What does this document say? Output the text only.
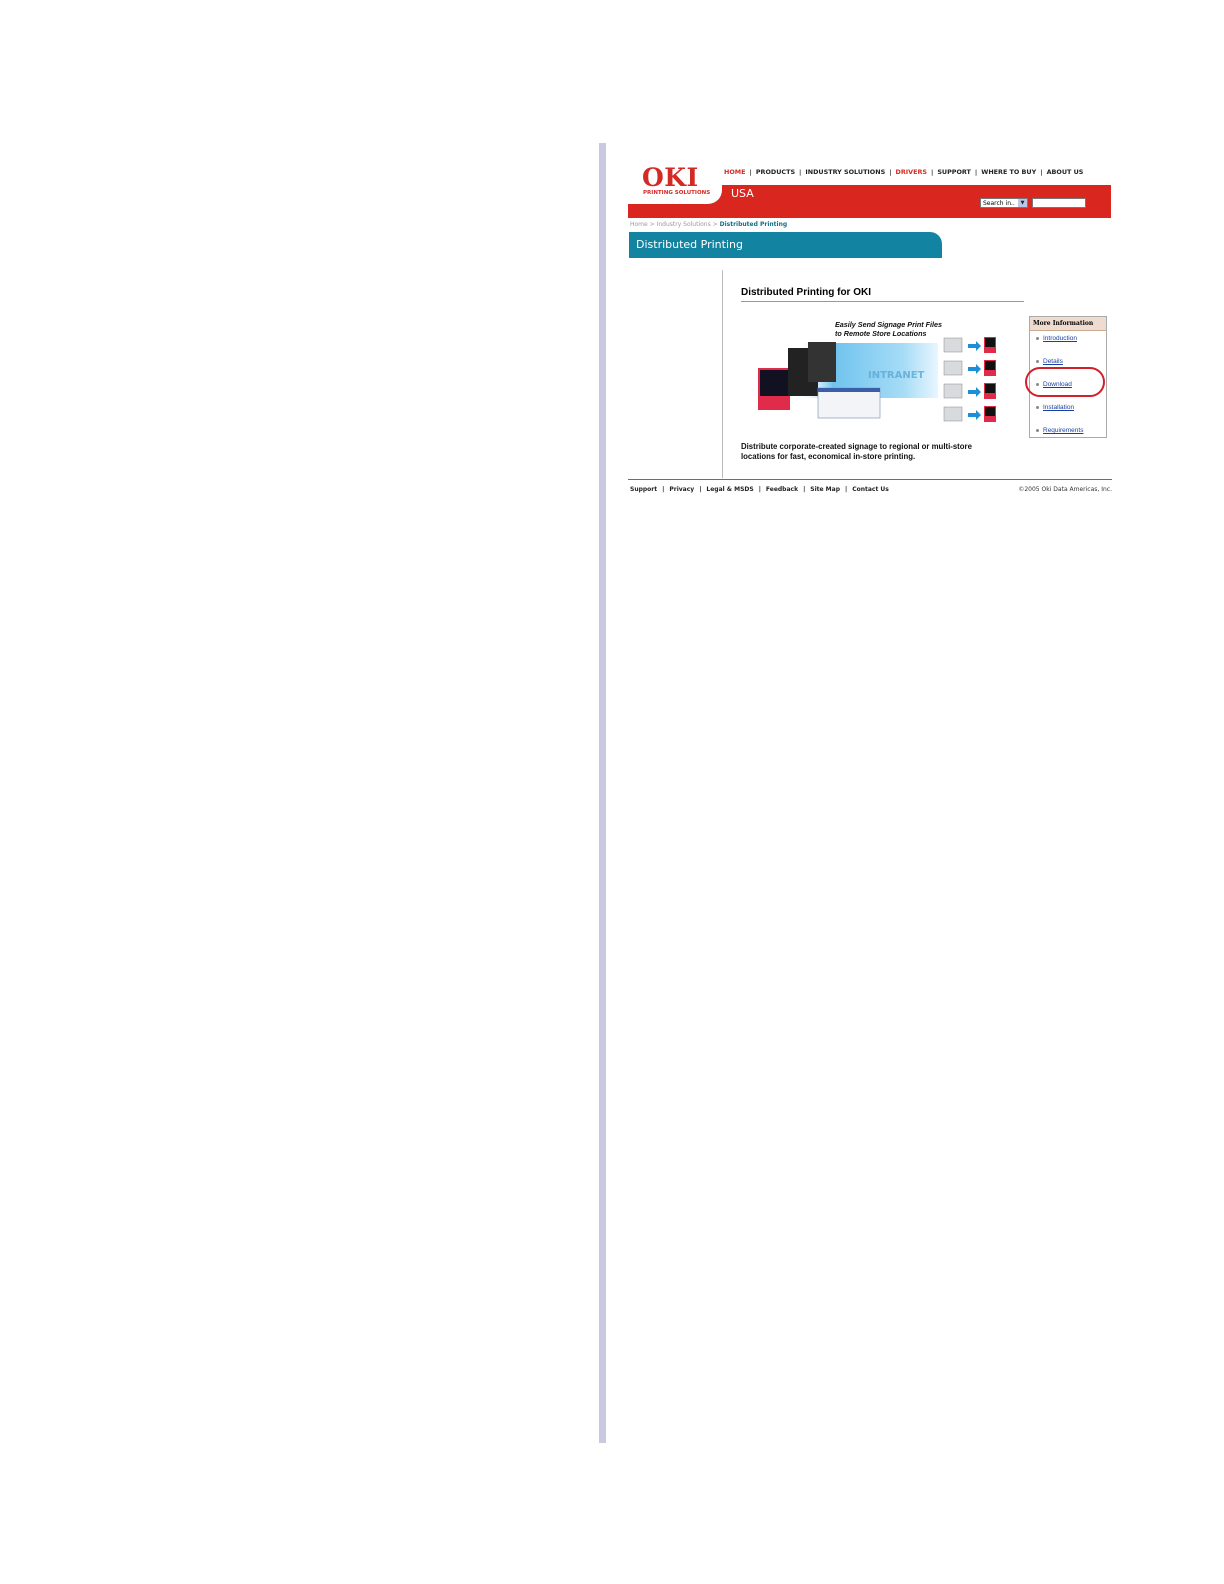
OKI
PRINTING SOLUTIONS
HOME | PRODUCTS | INDUSTRY SOLUTIONS | DRIVERS | SUPPORT | WHERE TO BUY | ABOUT US
USA
Search in..	▼
Home > Industry Solutions > Distributed Printing
Distributed Printing
Distributed Printing for OKI
INTRANET
Easily Send Signage Print Files
to Remote Store Locations
Distribute corporate-created signage to regional or multi-store locations for fast, economical in-store printing.
More Information
Introduction
Details
Download
Installation
Requirements
Support | Privacy | Legal & MSDS | Feedback | Site Map | Contact Us	©2005 Oki Data Americas, Inc.
